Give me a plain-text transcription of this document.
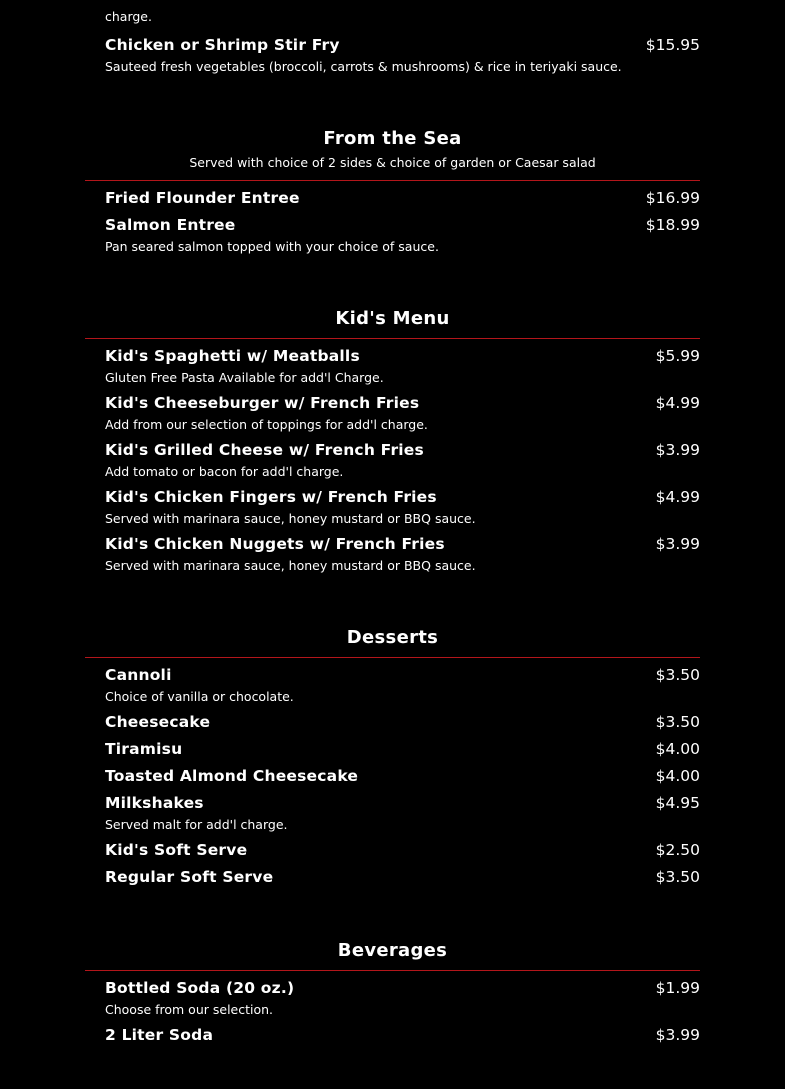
charge.
Chicken or Shrimp Stir Fry	$15.95
Sauteed fresh vegetables (broccoli, carrots & mushrooms) & rice in teriyaki sauce.
From the Sea
Served with choice of 2 sides & choice of garden or Caesar salad
Fried Flounder Entree	$16.99
Salmon Entree	$18.99
Pan seared salmon topped with your choice of sauce.
Kid's Menu
Kid's Spaghetti w/ Meatballs	$5.99
Gluten Free Pasta Available for add'l Charge.
Kid's Cheeseburger w/ French Fries	$4.99
Add from our selection of toppings for add'l charge.
Kid's Grilled Cheese w/ French Fries	$3.99
Add tomato or bacon for add'l charge.
Kid's Chicken Fingers w/ French Fries	$4.99
Served with marinara sauce, honey mustard or BBQ sauce.
Kid's Chicken Nuggets w/ French Fries	$3.99
Served with marinara sauce, honey mustard or BBQ sauce.
Desserts
Cannoli	$3.50
Choice of vanilla or chocolate.
Cheesecake	$3.50
Tiramisu	$4.00
Toasted Almond Cheesecake	$4.00
Milkshakes	$4.95
Served malt for add'l charge.
Kid's Soft Serve	$2.50
Regular Soft Serve	$3.50
Beverages
Bottled Soda (20 oz.)	$1.99
Choose from our selection.
2 Liter Soda	$3.99
